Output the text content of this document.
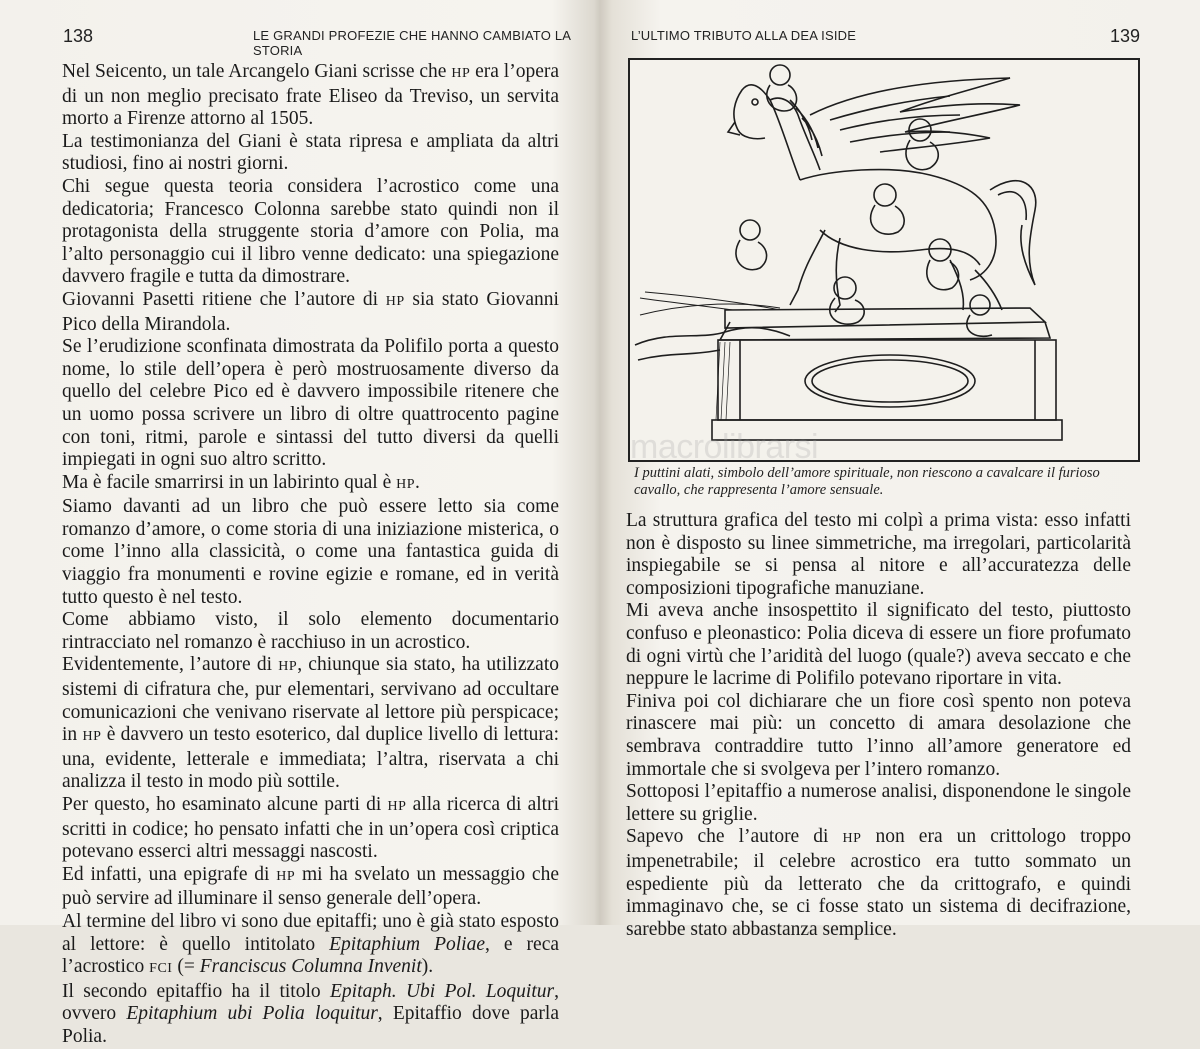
138	LE GRANDI PROFEZIE CHE HANNO CAMBIATO LA STORIA

Nel Seicento, un tale Arcangelo Giani scrisse che HP era l’opera di un non meglio precisato frate Eliseo da Treviso, un servita morto a Firenze attorno al 1505.

La testimonianza del Giani è stata ripresa e ampliata da altri studiosi, fino ai nostri giorni.

Chi segue questa teoria considera l’acrostico come una dedicatoria; Francesco Colonna sarebbe stato quindi non il protagonista della struggente storia d’amore con Polia, ma l’alto personaggio cui il libro venne dedicato: una spiegazione davvero fragile e tutta da dimostrare.

Giovanni Pasetti ritiene che l’autore di HP sia stato Giovanni Pico della Mirandola.

Se l’erudizione sconfinata dimostrata da Polifilo porta a questo nome, lo stile dell’opera è però mostruosamente diverso da quello del celebre Pico ed è davvero impossibile ritenere che un uomo possa scrivere un libro di oltre quattrocento pagine con toni, ritmi, parole e sintassi del tutto diversi da quelli impiegati in ogni suo altro scritto.

Ma è facile smarrirsi in un labirinto qual è HP.

Siamo davanti ad un libro che può essere letto sia come romanzo d’amore, o come storia di una iniziazione misterica, o come l’inno alla classicità, o come una fantastica guida di viaggio fra monumenti e rovine egizie e romane, ed in verità tutto questo è nel testo.

Come abbiamo visto, il solo elemento documentario rintracciato nel romanzo è racchiuso in un acrostico.

Evidentemente, l’autore di HP, chiunque sia stato, ha utilizzato sistemi di cifratura che, pur elementari, servivano ad occultare comunicazioni che venivano riservate al lettore più perspicace; in HP è davvero un testo esoterico, dal duplice livello di lettura: una, evidente, letterale e immediata; l’altra, riservata a chi analizza il testo in modo più sottile.

Per questo, ho esaminato alcune parti di HP alla ricerca di altri scritti in codice; ho pensato infatti che in un’opera così criptica potevano esserci altri messaggi nascosti.

Ed infatti, una epigrafe di HP mi ha svelato un messaggio che può servire ad illuminare il senso generale dell’opera.

Al termine del libro vi sono due epitaffi; uno è già stato esposto al lettore: è quello intitolato Epitaphium Poliae, e reca l’acrostico FCI (= Franciscus Columna Invenit).

Il secondo epitaffio ha il titolo Epitaph. Ubi Pol. Loquitur, ovvero Epitaphium ubi Polia loquitur, Epitaffio dove parla Polia.

L’ULTIMO TRIBUTO ALLA DEA ISIDE	139
I puttini alati, simbolo dell’amore spirituale, non riescono a cavalcare il furioso cavallo, che rappresenta l’amore sensuale.

La struttura grafica del testo mi colpì a prima vista: esso infatti non è disposto su linee simmetriche, ma irregolari, particolarità inspiegabile se si pensa al nitore e all’accuratezza delle composizioni tipografiche manuziane.

Mi aveva anche insospettito il significato del testo, piuttosto confuso e pleonastico: Polia diceva di essere un fiore profumato di ogni virtù che l’aridità del luogo (quale?) aveva seccato e che neppure le lacrime di Polifilo potevano riportare in vita.

Finiva poi col dichiarare che un fiore così spento non poteva rinascere mai più: un concetto di amara desolazione che sembrava contraddire tutto l’inno all’amore generatore ed immortale che si svolgeva per l’intero romanzo.

Sottoposi l’epitaffio a numerose analisi, disponendone le singole lettere su griglie.

Sapevo che l’autore di HP non era un crittologo troppo impenetrabile; il celebre acrostico era tutto sommato un espediente più da letterato che da crittografo, e quindi immaginavo che, se ci fosse stato un sistema di decifrazione, sarebbe stato abbastanza semplice.

macrolibrarsi
